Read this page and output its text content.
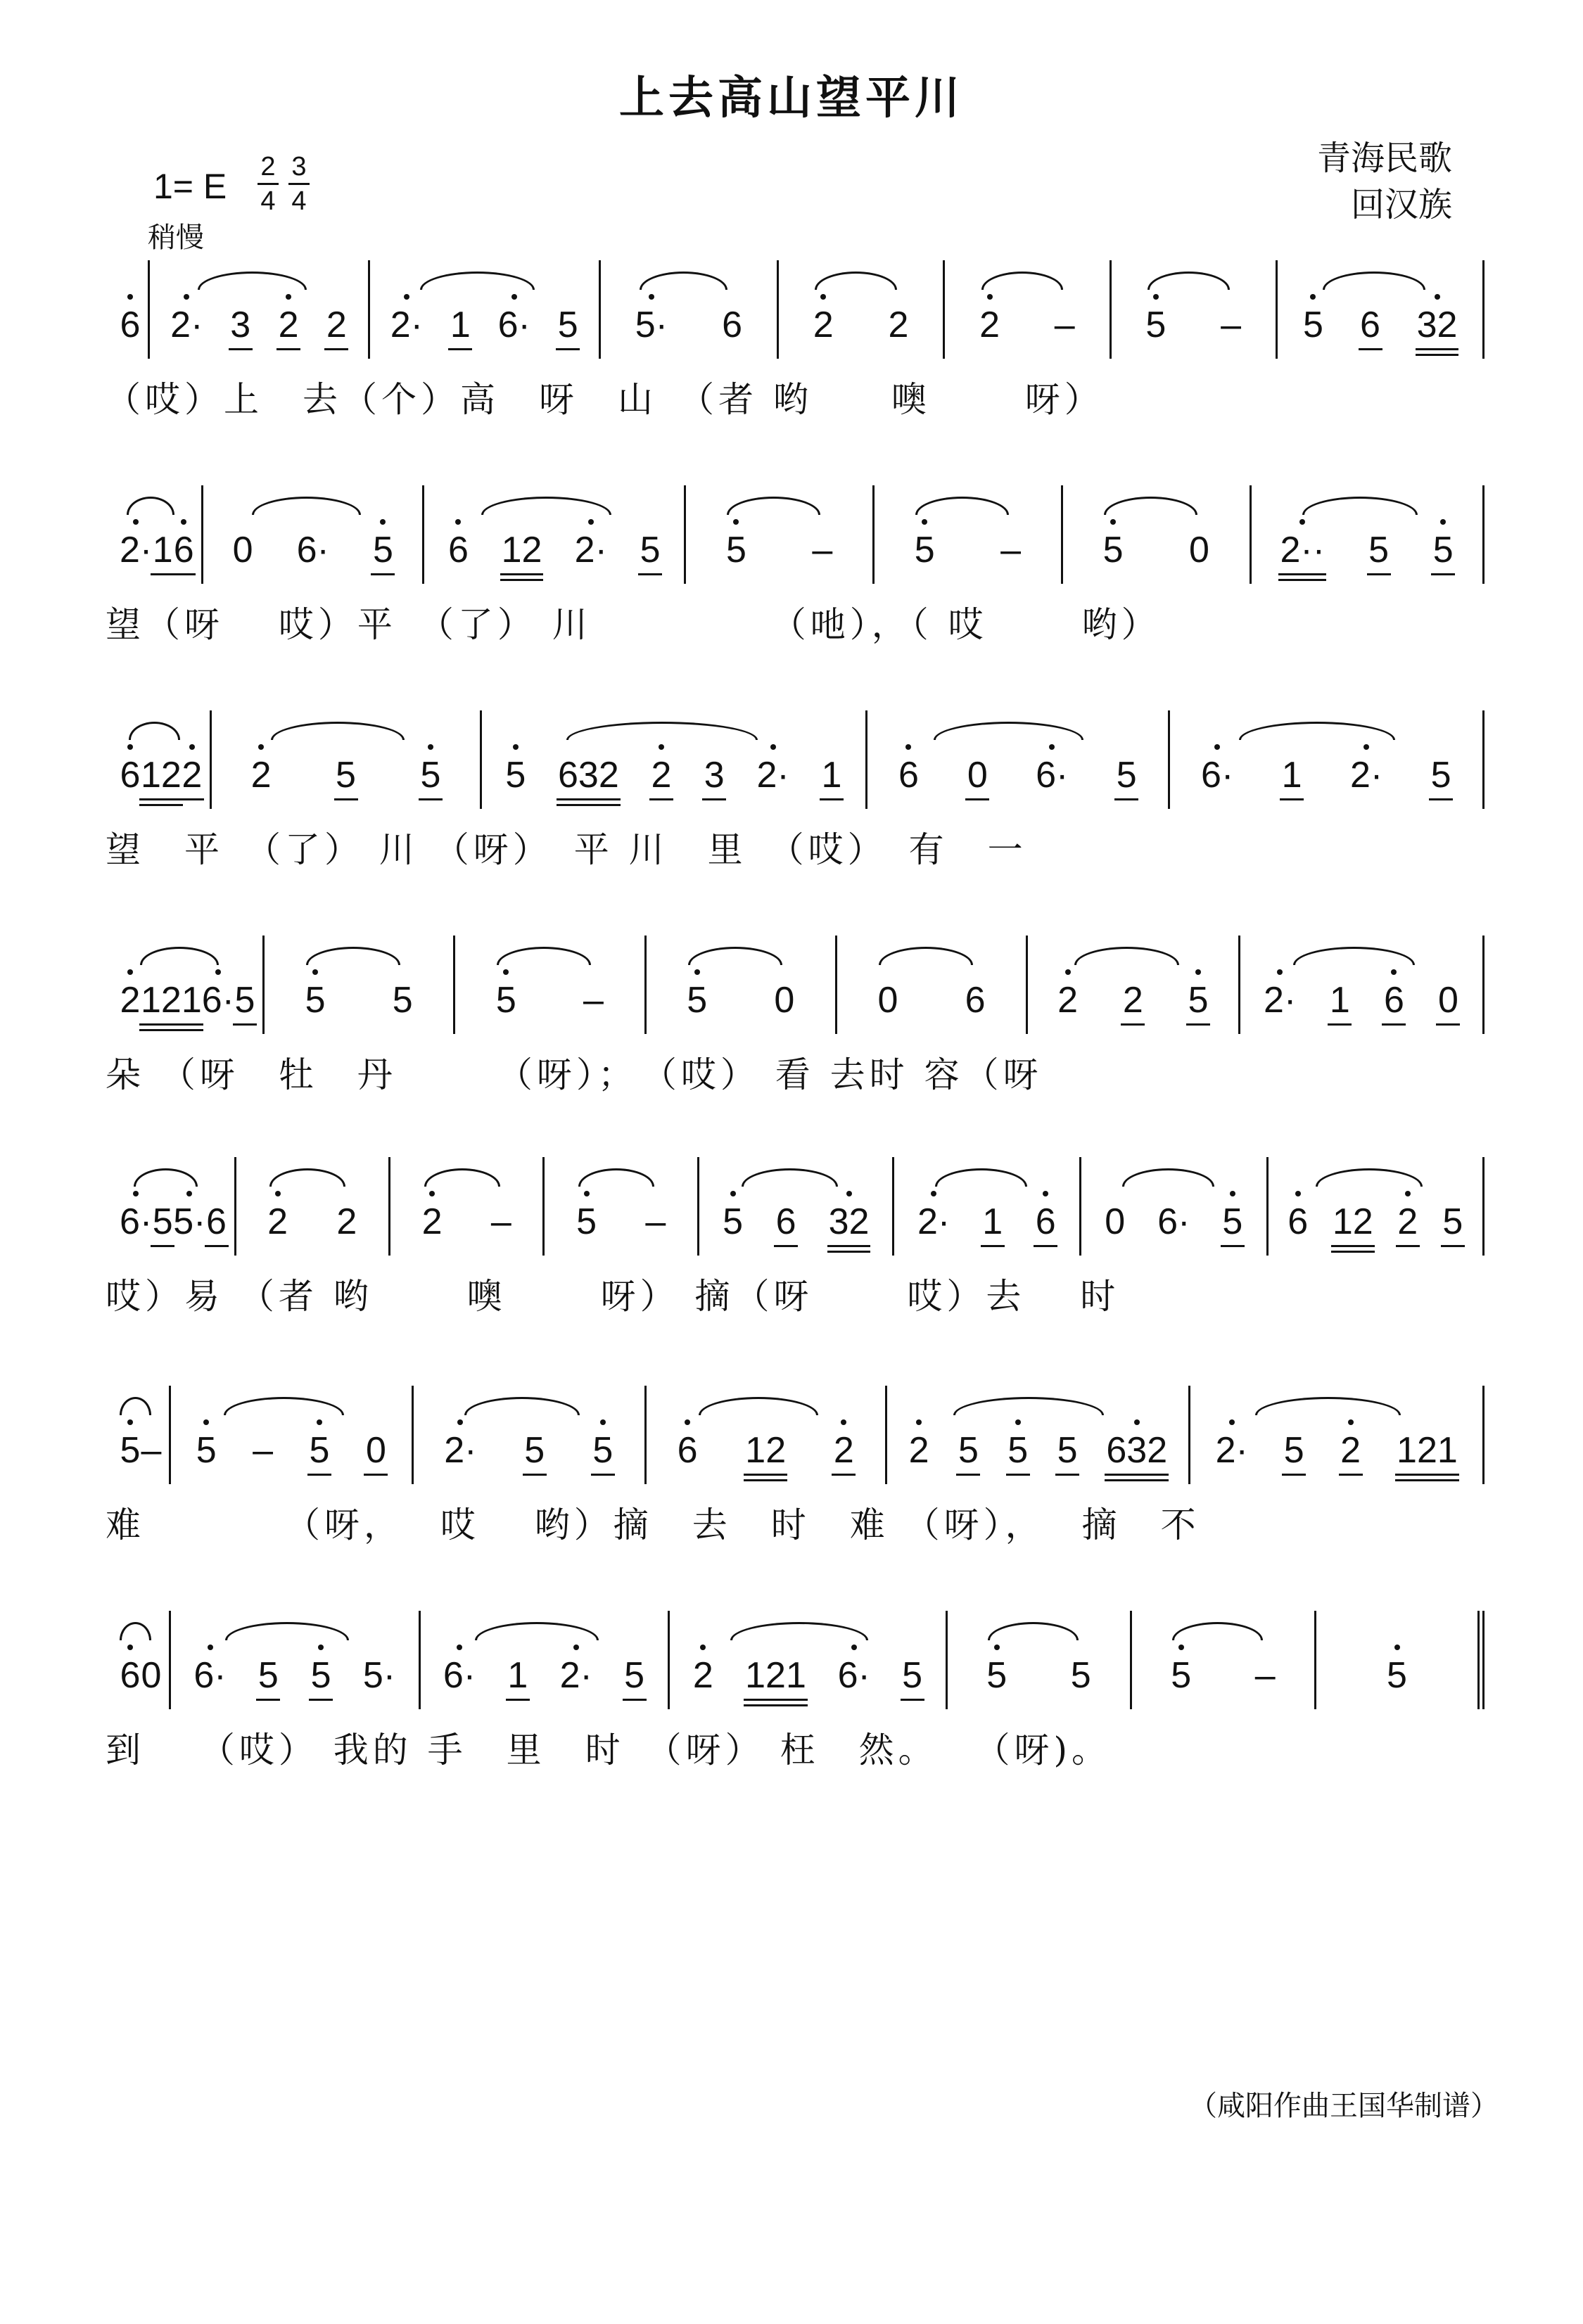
上去高山望平川
1= E $\frac{2}{4} \frac{3}{4}$
稍慢
青海民歌
回汉族
6 2· 3 2 2 2· 1 6· 5 5· 6 2 2 2 – 5 – 5 6 32
（哎）上　去（个）高　呀　山　（者 哟　　噢　　 呀）
2· 1 6 0 6· 5 6 12 2· 5 5 – 5 – 5 0 2·· 5 5
望（呀　 哎）平　（了） 川　　　　　（吔），（ 哎　　 哟）
6 12 2 2 5 5 5 632 2 3 2· 1 6 0 6· 5 6· 1 2· 5
望　平　（了） 川 （呀）　平 川　里　（哎）　有　一
2 121 6· 5 5 5 5 – 5 0 0 6 2 2 5 2· 1 6 0
朵 （呀　牡　丹　　　（呀）；　（哎） 看 去时 容（呀
6· 5 5· 6 2 2 2 – 5 – 5 6 32 2· 1 6 0 6· 5 6 12 2 5
哎）易 （者 哟　　 噢　　 呀） 摘（呀　　 哎）去　 时
5 – 5 – 5 0 2· 5 5 6 12 2 2 5 5 5 632 2· 5 2 121
难　　　　（呀，　 哎　 哟）摘　去　时　难 （呀），　 摘　不
6 0 6· 5 5 5· 6· 1 2· 5 2 121 6· 5 5 5 5 –	5
到　 （哎） 我的 手　里　时　（呀） 枉　然。　 （呀)。
（咸阳作曲王国华制谱）
